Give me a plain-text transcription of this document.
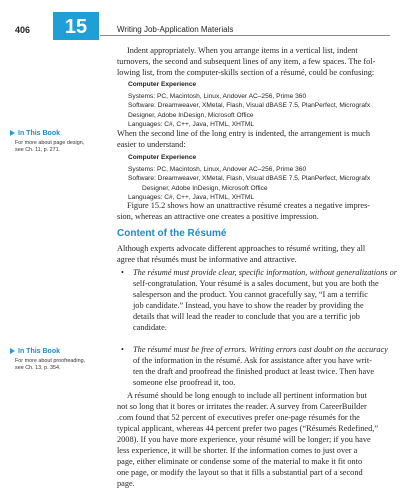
406	15	Writing Job-Application Materials
Indent appropriately. When you arrange items in a vertical list, indent
turnovers, the second and subsequent lines of any item, a few spaces. The fol-
lowing list, from the computer-skills section of a résumé, could be confusing:
Computer Experience
Systems: PC, Macintosh, Linux, Andover AC–256, Prime 360
Software: Dreamweaver, XMetal, Flash, Visual dBASE 7.5, PlanPerfect, Micrografx
Designer, Adobe InDesign, Microsoft Office
Languages: C#, C++, Java, HTML, XHTML
In This Book
For more about page design,
see Ch. 11, p. 271.
When the second line of the long entry is indented, the arrangement is much
easier to understand:
Computer Experience
Systems: PC, Macintosh, Linux, Andover AC–256, Prime 360
Software: Dreamweaver, XMetal, Flash, Visual dBASE 7.5, PlanPerfect, Micrografx
Designer, Adobe InDesign, Microsoft Office
Languages: C#, C++, Java, HTML, XHTML
Figure 15.2 shows how an unattractive résumé creates a negative impres-
sion, whereas an attractive one creates a positive impression.
Content of the Résumé
Although experts advocate different approaches to résumé writing, they all
agree that résumés must be informative and attractive.
• The résumé must provide clear, specific information, without generalizations or
self-congratulation. Your résumé is a sales document, but you are both the
salesperson and the product. You cannot gracefully say, “I am a terrific
job candidate.” Instead, you have to show the reader by providing the
details that will lead the reader to conclude that you are a terrific job
candidate.
In This Book
For more about proofreading,
see Ch. 13, p. 354.
• The résumé must be free of errors. Writing errors cast doubt on the accuracy
of the information in the résumé. Ask for assistance after you have writ-
ten the draft and proofread the finished product at least twice. Then have
someone else proofread it, too.
A résumé should be long enough to include all pertinent information but
not so long that it bores or irritates the reader. A survey from CareerBuilder
.com found that 52 percent of executives prefer one-page résumés for the
typical applicant, whereas 44 percent prefer two pages (“Résumés Redefined,”
2008). If you have more experience, your résumé will be longer; if you have
less experience, it will be shorter. If the information comes to just over a
page, either eliminate or condense some of the material to make it fit onto
one page, or modify the layout so that it fills a substantial part of a second
page.
